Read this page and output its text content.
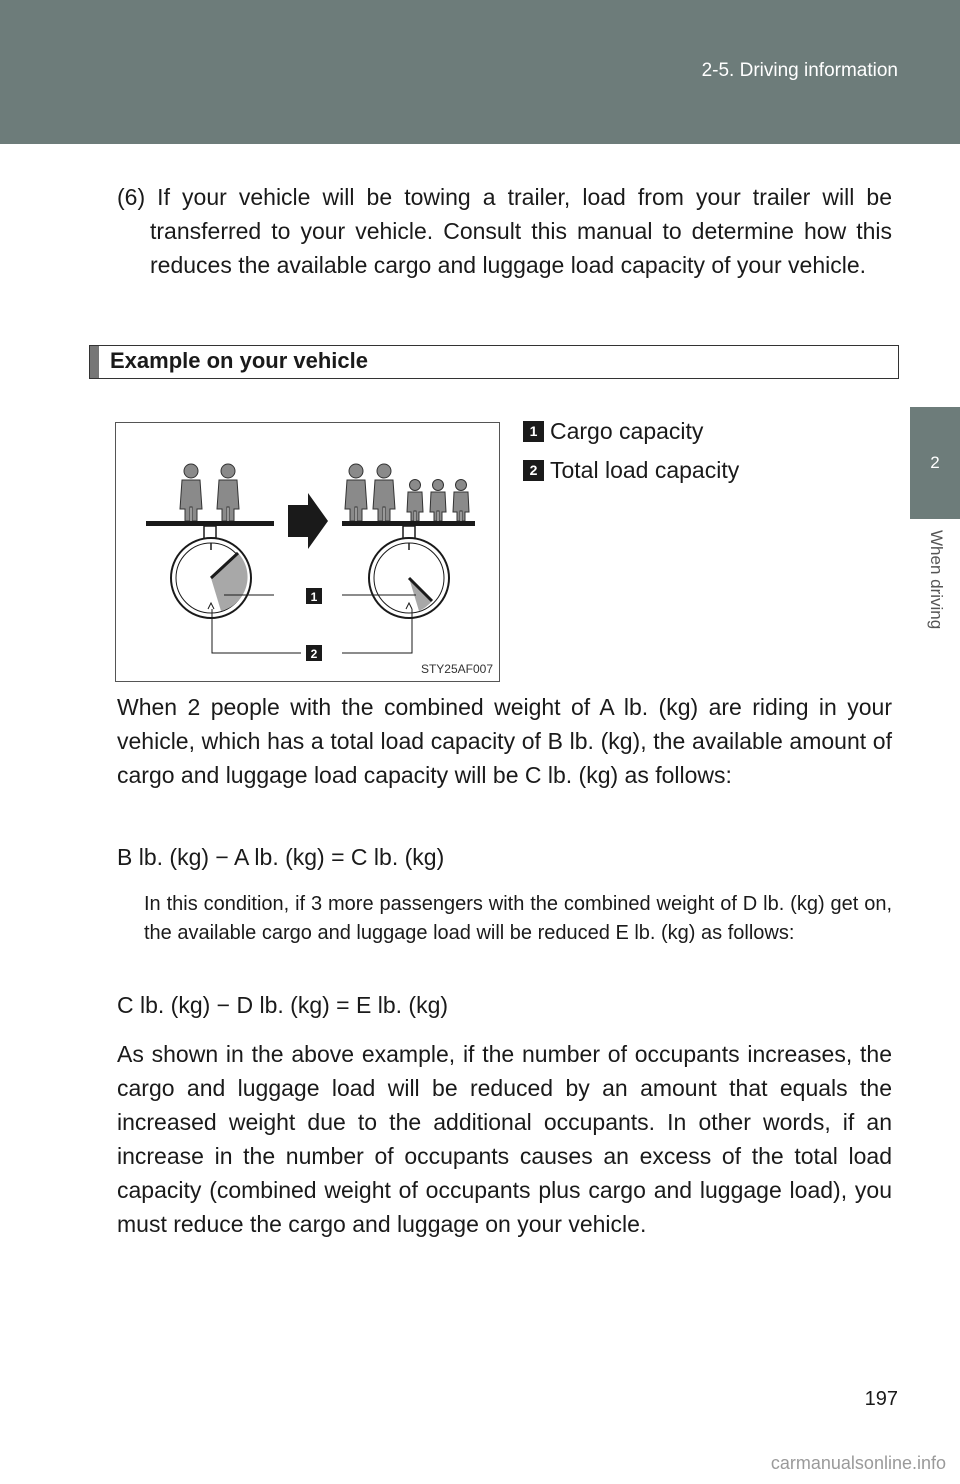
2-5. Driving information
2
When driving
(6) If your vehicle will be towing a trailer, load from your trailer will be transferred to your vehicle. Consult this manual to determine how this reduces the available cargo and luggage load capacity of your vehicle.
Example on your vehicle
1
2
STY25AF007
1 Cargo capacity
2 Total load capacity
When 2 people with the combined weight of A lb. (kg) are riding in your vehicle, which has a total load capacity of B lb. (kg), the available amount of cargo and luggage load capacity will be C lb. (kg) as follows:
B lb. (kg) − A lb. (kg) = C lb. (kg)
In this condition, if 3 more passengers with the combined weight of D lb. (kg) get on, the available cargo and luggage load will be reduced E lb. (kg) as follows:
C lb. (kg) − D lb. (kg) = E lb. (kg)
As shown in the above example, if the number of occupants increases, the cargo and luggage load will be reduced by an amount that equals the increased weight due to the additional occupants. In other words, if an increase in the number of occupants causes an excess of the total load capacity (combined weight of occupants plus cargo and luggage load), you must reduce the cargo and luggage on your vehicle.
197
carmanualsonline.info
